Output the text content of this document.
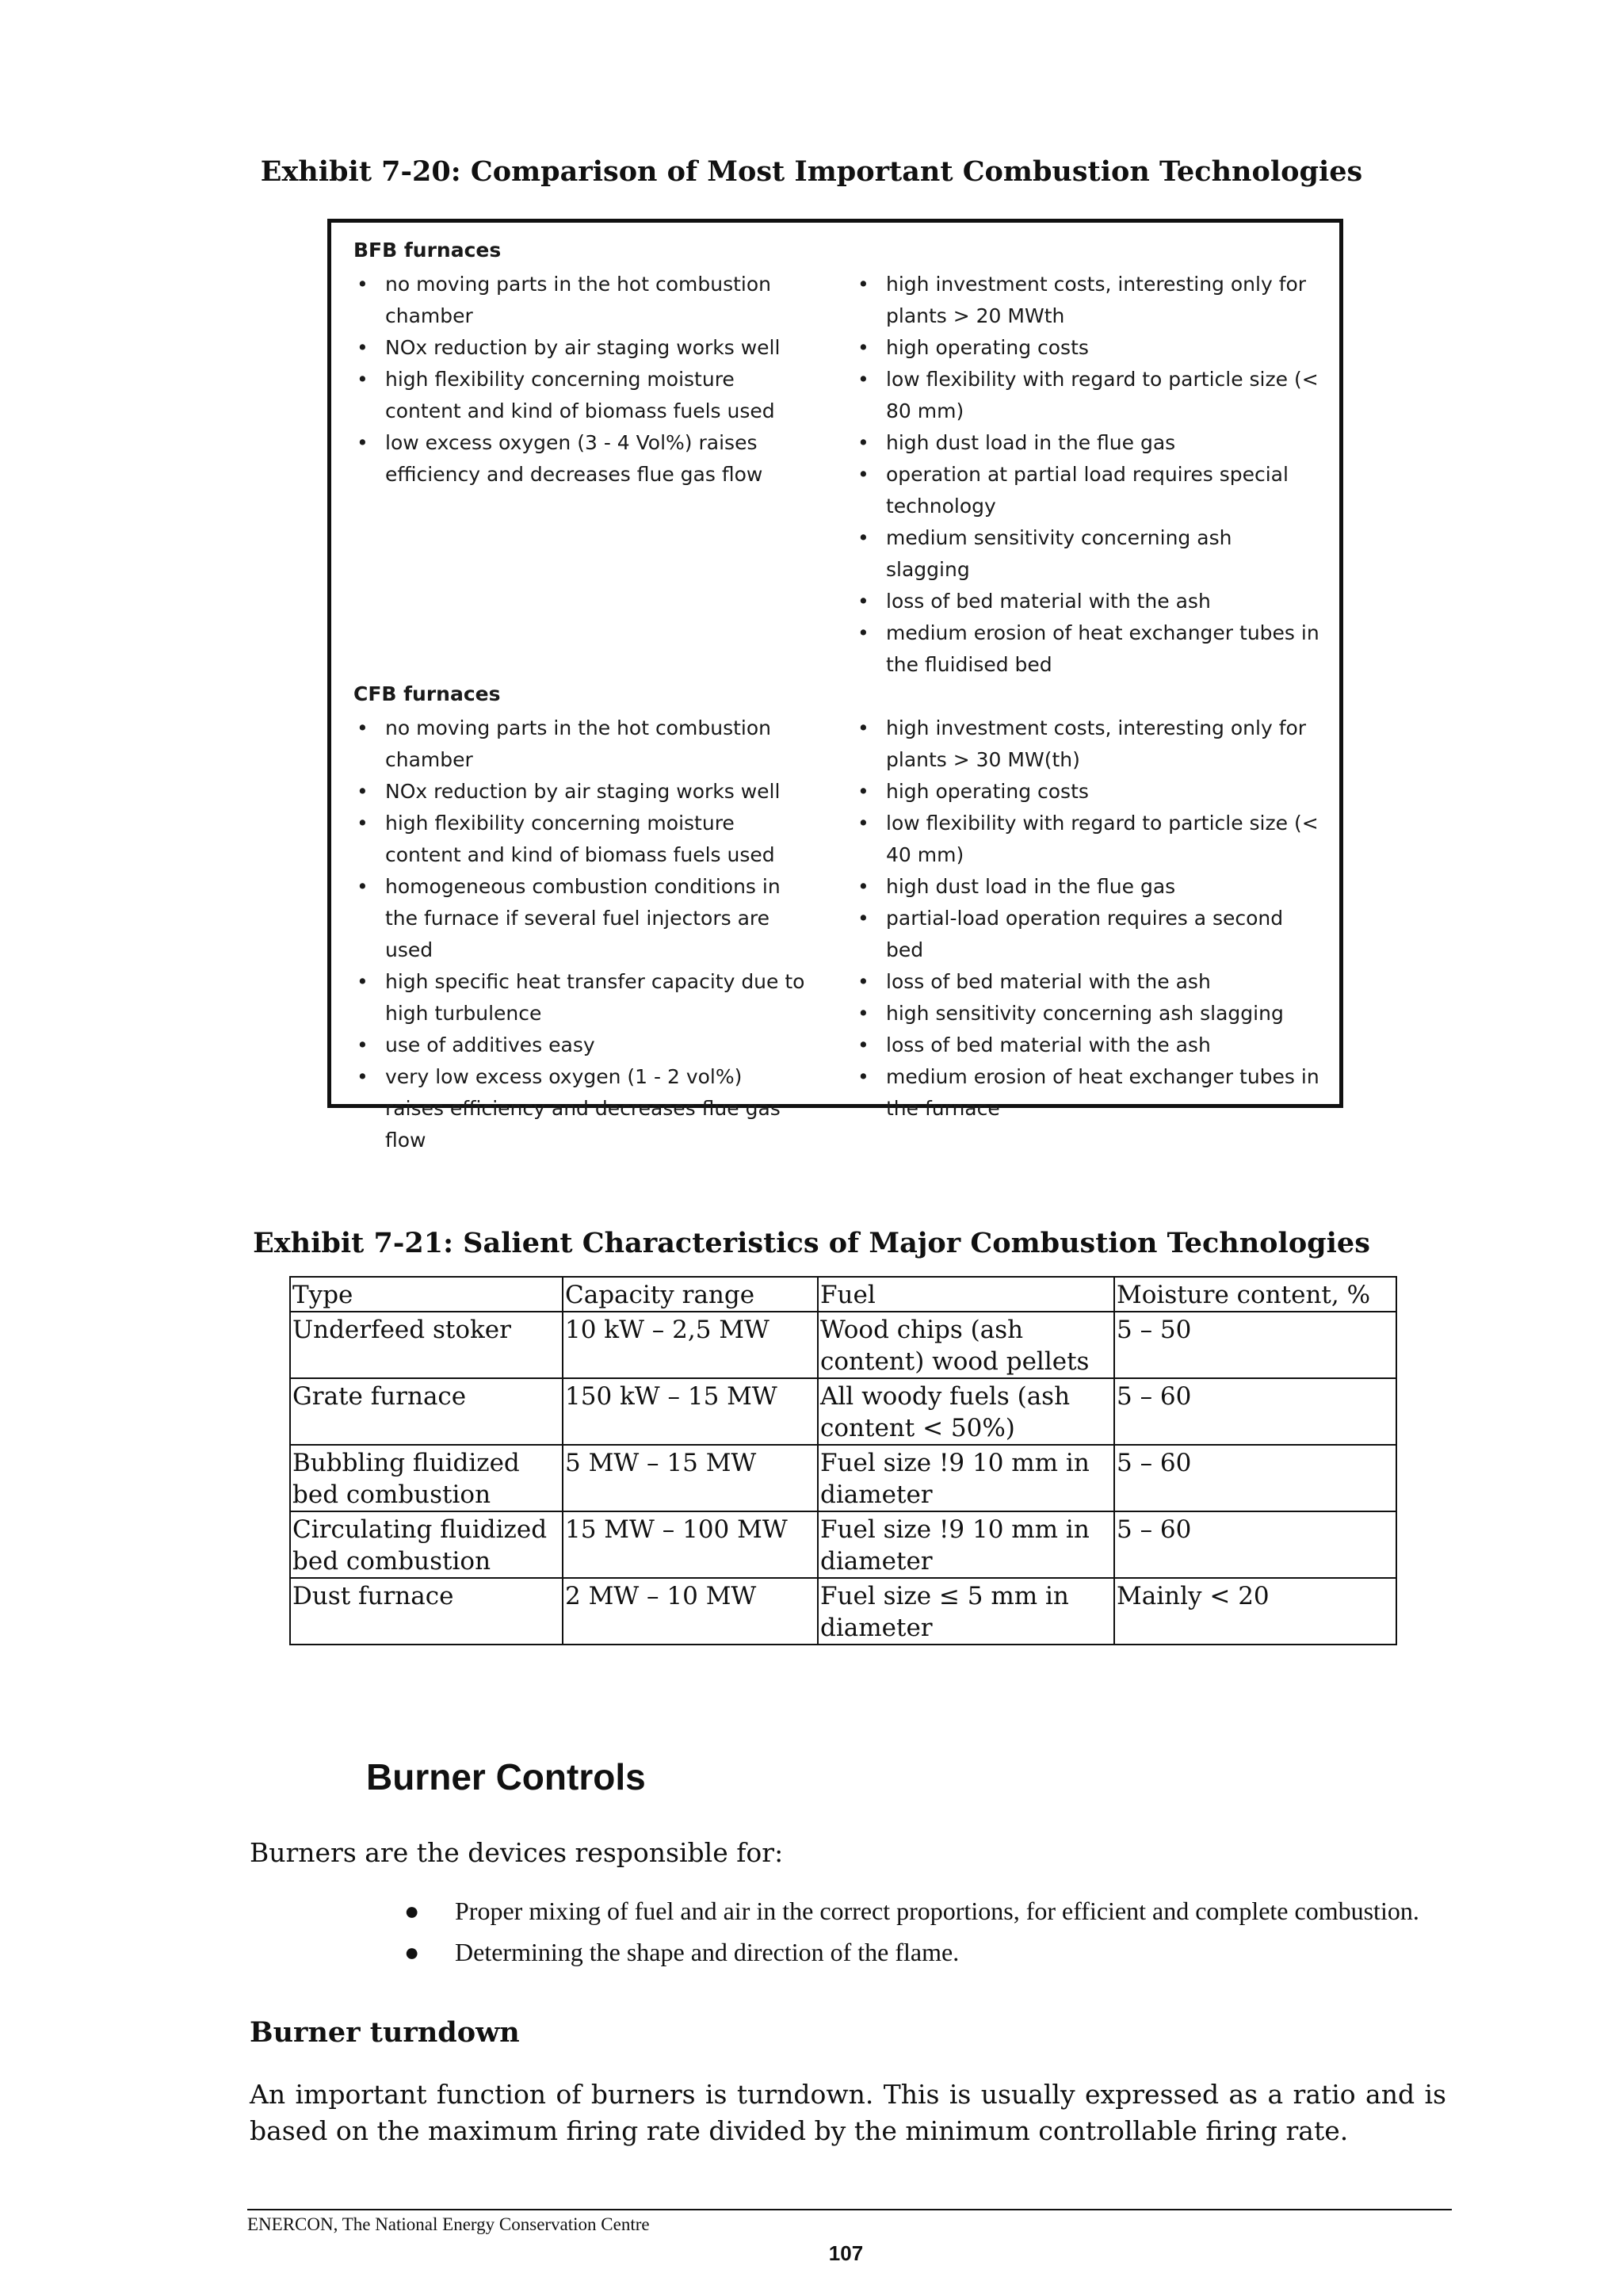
Exhibit 7-20: Comparison of Most Important Combustion Technologies
BFB furnaces
• no moving parts in the hot combustion chamber
• NOx reduction by air staging works well
• high flexibility concerning moisture content and kind of biomass fuels used
• low excess oxygen (3 - 4 Vol%) raises efficiency and decreases flue gas flow
• high investment costs, interesting only for plants > 20 MWth
• high operating costs
• low flexibility with regard to particle size (< 80 mm)
• high dust load in the flue gas
• operation at partial load requires special technology
• medium sensitivity concerning ash slagging
• loss of bed material with the ash
• medium erosion of heat exchanger tubes in the fluidised bed
CFB furnaces
• no moving parts in the hot combustion chamber
• NOx reduction by air staging works well
• high flexibility concerning moisture content and kind of biomass fuels used
• homogeneous combustion conditions in the furnace if several fuel injectors are used
• high specific heat transfer capacity due to high turbulence
• use of additives easy
• very low excess oxygen (1 - 2 vol%) raises efficiency and decreases flue gas flow
• high investment costs, interesting only for plants > 30 MW(th)
• high operating costs
• low flexibility with regard to particle size (< 40 mm)
• high dust load in the flue gas
• partial-load operation requires a second bed
• loss of bed material with the ash
• high sensitivity concerning ash slagging
• loss of bed material with the ash
• medium erosion of heat exchanger tubes in the furnace
Exhibit 7-21: Salient Characteristics of Major Combustion Technologies
Type	Capacity range	Fuel	Moisture content, %
Underfeed stoker	10 kW – 2,5 MW	Wood chips (ash content) wood pellets	5 – 50
Grate furnace	150 kW – 15 MW	All woody fuels (ash content < 50%)	5 – 60
Bubbling fluidized bed combustion	5 MW – 15 MW	Fuel size !9 10 mm in diameter	5 – 60
Circulating fluidized bed combustion	15 MW – 100 MW	Fuel size !9 10 mm in diameter	5 – 60
Dust furnace	2 MW – 10 MW	Fuel size ≤ 5 mm in diameter	Mainly < 20
Burner Controls
Burners are the devices responsible for:
● Proper mixing of fuel and air in the correct proportions, for efficient and complete combustion.
● Determining the shape and direction of the flame.
Burner turndown
An important function of burners is turndown. This is usually expressed as a ratio and is based on the maximum firing rate divided by the minimum controllable firing rate.
ENERCON, The National Energy Conservation Centre
107
